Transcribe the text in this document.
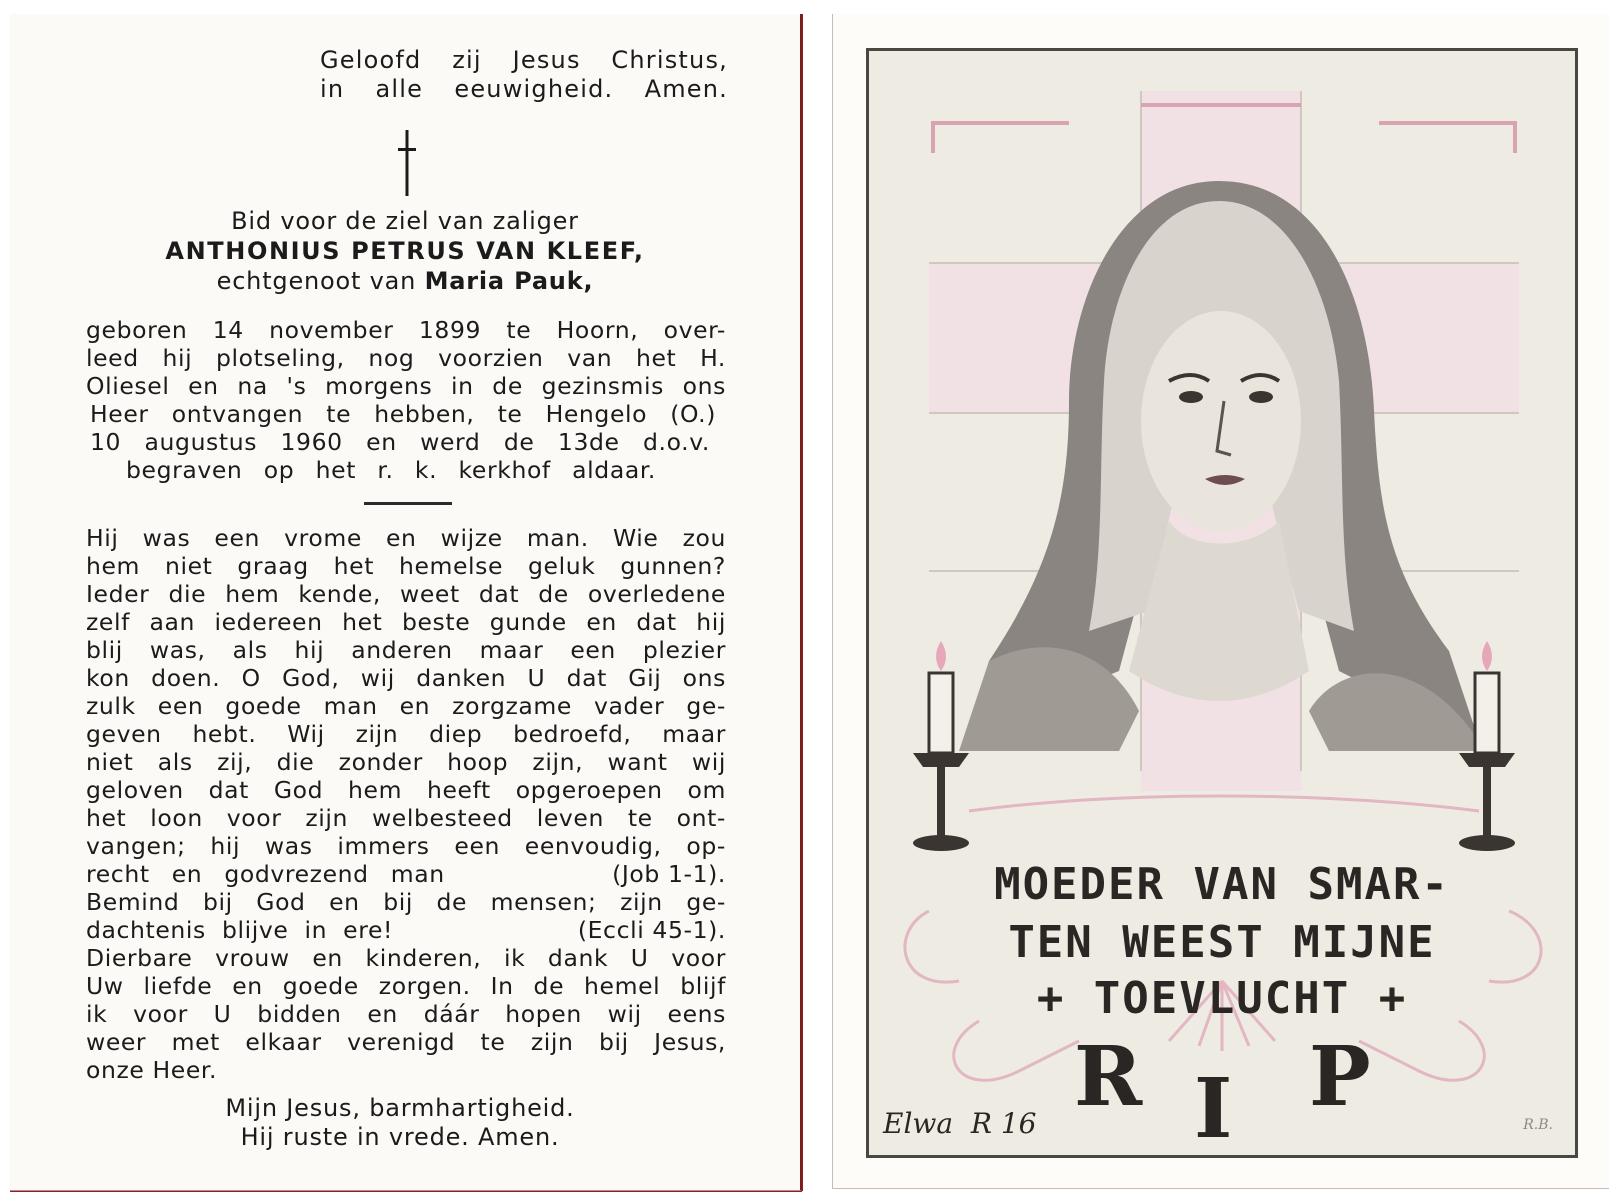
Geloofd zij Jesus Christus,
in alle eeuwigheid. Amen.
Bid voor de ziel van zaliger
ANTHONIUS PETRUS VAN KLEEF,
echtgenoot van Maria Pauk,
geboren 14 november 1899 te Hoorn, over-
leed hij plotseling, nog voorzien van het H.
Oliesel en na 's morgens in de gezinsmis ons
Heer ontvangen te hebben, te Hengelo (O.)
10 augustus 1960 en werd de 13de d.o.v.
begraven op het r. k. kerkhof aldaar.
Hij was een vrome en wijze man. Wie zou
hem niet graag het hemelse geluk gunnen?
Ieder die hem kende, weet dat de overledene
zelf aan iedereen het beste gunde en dat hij
blij was, als hij anderen maar een plezier
kon doen. O God, wij danken U dat Gij ons
zulk een goede man en zorgzame vader ge-
geven hebt. Wij zijn diep bedroefd, maar
niet als zij, die zonder hoop zijn, want wij
geloven dat God hem heeft opgeroepen om
het loon voor zijn welbesteed leven te ont-
vangen; hij was immers een eenvoudig, op-
recht en godvrezend man	(Job 1-1).
Bemind bij God en bij de mensen; zijn ge-
dachtenis blijve in ere!	(Eccli 45-1).
Dierbare vrouw en kinderen, ik dank U voor
Uw liefde en goede zorgen. In de hemel blijf
ik voor U bidden en dáár hopen wij eens
weer met elkaar verenigd te zijn bij Jesus,
onze Heer.
Mijn Jesus, barmhartigheid.
Hij ruste in vrede. Amen.
MOEDER VAN SMAR-
TEN WEEST MIJNE
+ TOEVLUCHT +
R I P
Elwa  R 16	R.B.
